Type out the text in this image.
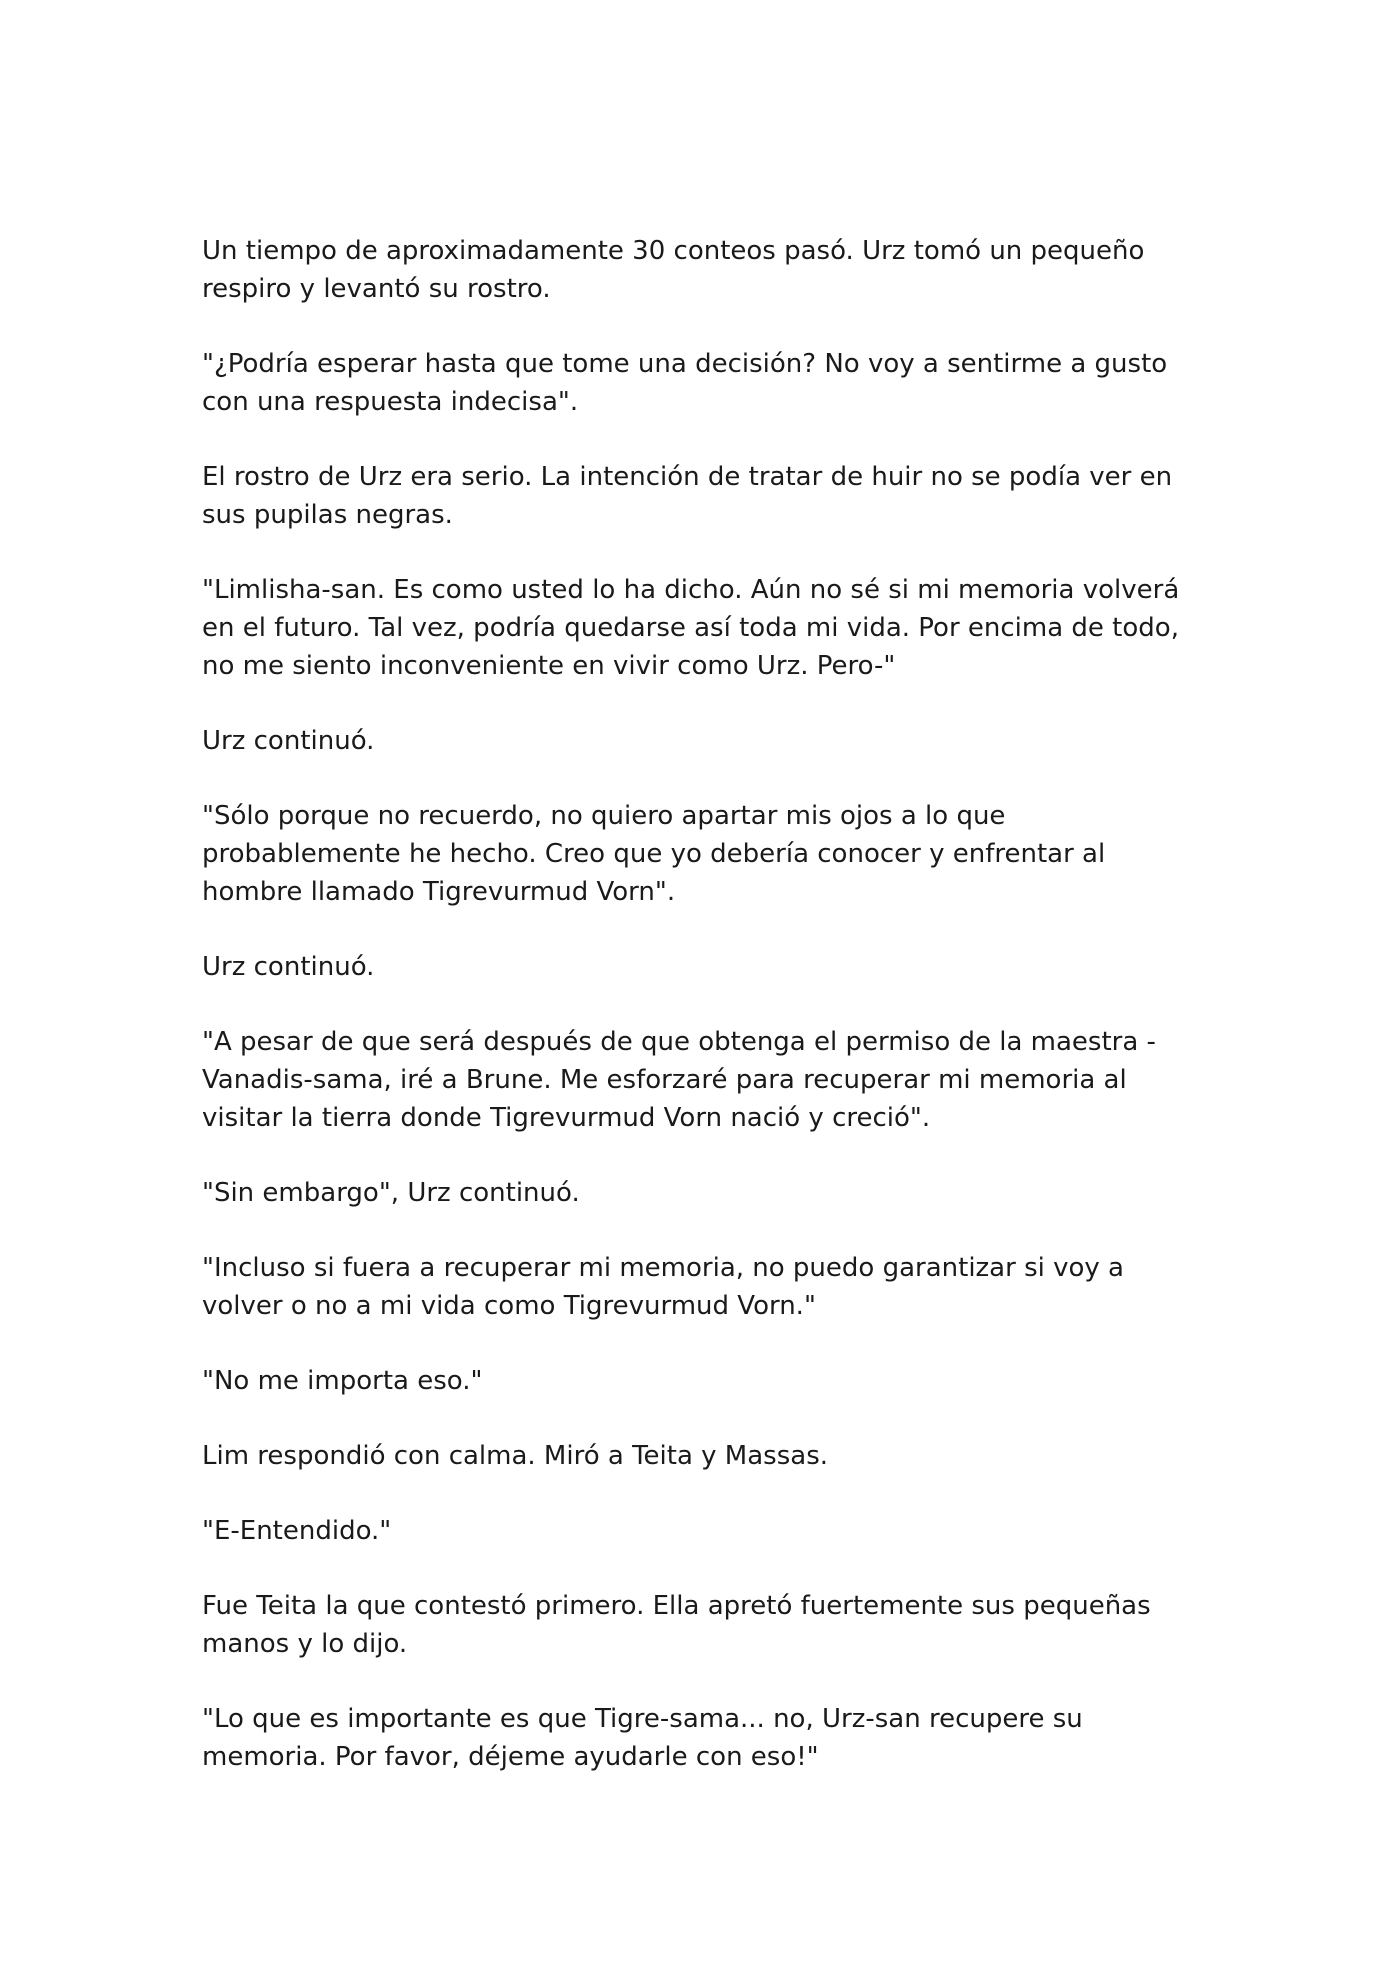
Un tiempo de aproximadamente 30 conteos pasó. Urz tomó un pequeño respiro y levantó su rostro.

"¿Podría esperar hasta que tome una decisión? No voy a sentirme a gusto con una respuesta indecisa".

El rostro de Urz era serio. La intención de tratar de huir no se podía ver en sus pupilas negras.

"Limlisha-san. Es como usted lo ha dicho. Aún no sé si mi memoria volverá en el futuro. Tal vez, podría quedarse así toda mi vida. Por encima de todo, no me siento inconveniente en vivir como Urz. Pero-"

Urz continuó.

"Sólo porque no recuerdo, no quiero apartar mis ojos a lo que probablemente he hecho. Creo que yo debería conocer y enfrentar al hombre llamado Tigrevurmud Vorn".

Urz continuó.

"A pesar de que será después de que obtenga el permiso de la maestra - Vanadis-sama, iré a Brune. Me esforzaré para recuperar mi memoria al visitar la tierra donde Tigrevurmud Vorn nació y creció".

"Sin embargo", Urz continuó.

"Incluso si fuera a recuperar mi memoria, no puedo garantizar si voy a volver o no a mi vida como Tigrevurmud Vorn."

"No me importa eso."

Lim respondió con calma. Miró a Teita y Massas.

"E-Entendido."

Fue Teita la que contestó primero. Ella apretó fuertemente sus pequeñas manos y lo dijo.

"Lo que es importante es que Tigre-sama... no, Urz-san recupere su memoria. Por favor, déjeme ayudarle con eso!"
